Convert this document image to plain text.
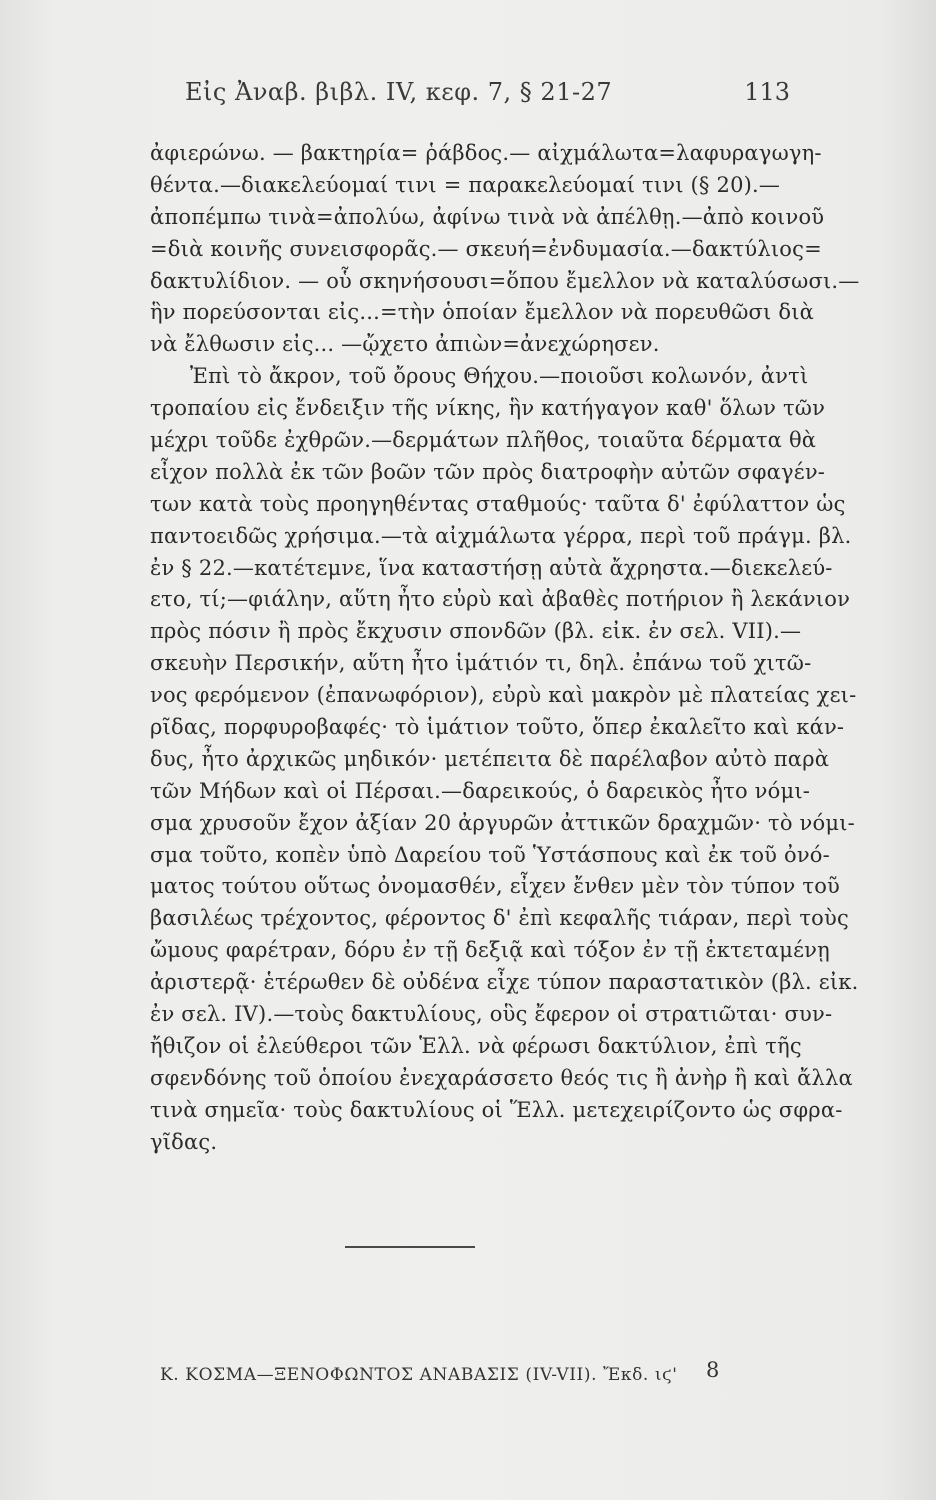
Εἰς Ἀναβ. βιβλ. IV, κεφ. 7, § 21-27	113
ἀφιερώνω. — βακτηρία= ῥάβδος.— αἰχμάλωτα=λαφυραγωγη-
θέντα.—διακελεύομαί τινι = παρακελεύομαί τινι (§ 20).—
ἀποπέμπω τινὰ=ἀπολύω, ἀφίνω τινὰ νὰ ἀπέλθῃ.—ἀπὸ κοινοῦ
=διὰ κοινῆς συνεισφορᾶς.— σκευή=ἐνδυμασία.—δακτύλιος=
δακτυλίδιον. — οὗ σκηνήσουσι=ὅπου ἔμελλον νὰ καταλύσωσι.—
ἣν πορεύσονται εἰς...=τὴν ὁποίαν ἔμελλον νὰ πορευθῶσι διὰ
νὰ ἔλθωσιν εἰς... —ᾤχετο ἀπιὼν=ἀνεχώρησεν.
Ἐπὶ τὸ ἄκρον, τοῦ ὄρους Θήχου.—ποιοῦσι κολωνόν, ἀντὶ
τροπαίου εἰς ἔνδειξιν τῆς νίκης, ἣν κατήγαγον καθ' ὅλων τῶν
μέχρι τοῦδε ἐχθρῶν.—δερμάτων πλῆθος, τοιαῦτα δέρματα θὰ
εἶχον πολλὰ ἐκ τῶν βοῶν τῶν πρὸς διατροφὴν αὐτῶν σφαγέν-
των κατὰ τοὺς προηγηθέντας σταθμούς· ταῦτα δ' ἐφύλαττον ὡς
παντοειδῶς χρήσιμα.—τὰ αἰχμάλωτα γέρρα, περὶ τοῦ πράγμ. βλ.
ἐν § 22.—κατέτεμνε, ἵνα καταστήσῃ αὐτὰ ἄχρηστα.—διεκελεύ-
ετο, τί;—φιάλην, αὕτη ἦτο εὐρὺ καὶ ἀβαθὲς ποτήριον ἢ λεκάνιον
πρὸς πόσιν ἢ πρὸς ἔκχυσιν σπονδῶν (βλ. εἰκ. ἐν σελ. VII).—
σκευὴν Περσικήν, αὕτη ἦτο ἱμάτιόν τι, δηλ. ἐπάνω τοῦ χιτῶ-
νος φερόμενον (ἐπανωφόριον), εὐρὺ καὶ μακρὸν μὲ πλατείας χει-
ρῖδας, πορφυροβαφές· τὸ ἱμάτιον τοῦτο, ὅπερ ἐκαλεῖτο καὶ κάν-
δυς, ἦτο ἀρχικῶς μηδικόν· μετέπειτα δὲ παρέλαβον αὐτὸ παρὰ
τῶν Μήδων καὶ οἱ Πέρσαι.—δαρεικούς, ὁ δαρεικὸς ἦτο νόμι-
σμα χρυσοῦν ἔχον ἀξίαν 20 ἀργυρῶν ἀττικῶν δραχμῶν· τὸ νόμι-
σμα τοῦτο, κοπὲν ὑπὸ Δαρείου τοῦ Ὑστάσπους καὶ ἐκ τοῦ ὀνό-
ματος τούτου οὕτως ὀνομασθέν, εἶχεν ἔνθεν μὲν τὸν τύπον τοῦ
βασιλέως τρέχοντος, φέροντος δ' ἐπὶ κεφαλῆς τιάραν, περὶ τοὺς
ὤμους φαρέτραν, δόρυ ἐν τῇ δεξιᾷ καὶ τόξον ἐν τῇ ἐκτεταμένῃ
ἀριστερᾷ· ἑτέρωθεν δὲ οὐδένα εἶχε τύπον παραστατικὸν (βλ. εἰκ.
ἐν σελ. IV).—τοὺς δακτυλίους, οὓς ἔφερον οἱ στρατιῶται· συν-
ἤθιζον οἱ ἐλεύθεροι τῶν Ἑλλ. νὰ φέρωσι δακτύλιον, ἐπὶ τῆς
σφενδόνης τοῦ ὁποίου ἐνεχαράσσετο θεός τις ἢ ἀνὴρ ἢ καὶ ἄλλα
τινὰ σημεῖα· τοὺς δακτυλίους οἱ Ἕλλ. μετεχειρίζοντο ὡς σφρα-
γῖδας.
Κ. ΚΟΣΜΑ—ΞΕΝΟΦΩΝΤΟΣ ΑΝΑΒΑΣΙΣ (IV-VII). Ἔκδ. ιϛ' 8
